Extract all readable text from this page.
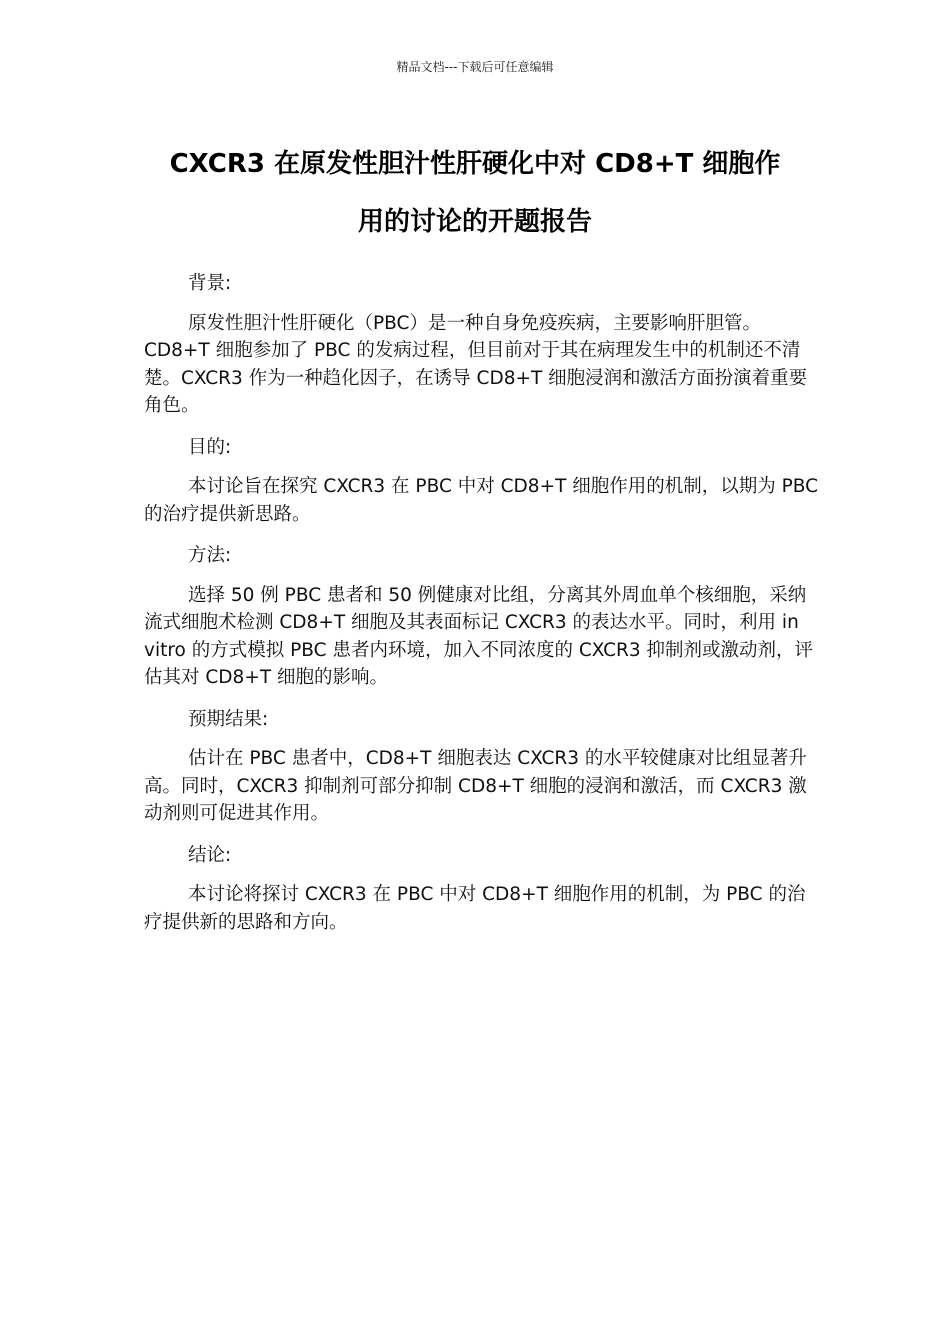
精品文档---下载后可任意编辑
CXCR3 在原发性胆汁性肝硬化中对 CD8+T 细胞作
用的讨论的开题报告

背景:

原发性胆汁性肝硬化（PBC）是一种自身免疫疾病，主要影响肝胆管。CD8+T 细胞参加了 PBC 的发病过程，但目前对于其在病理发生中的机制还不清楚。CXCR3 作为一种趋化因子，在诱导 CD8+T 细胞浸润和激活方面扮演着重要角色。

目的:

本讨论旨在探究 CXCR3 在 PBC 中对 CD8+T 细胞作用的机制，以期为 PBC 的治疗提供新思路。

方法:

选择 50 例 PBC 患者和 50 例健康对比组，分离其外周血单个核细胞，采纳流式细胞术检测 CD8+T 细胞及其表面标记 CXCR3 的表达水平。同时，利用 in vitro 的方式模拟 PBC 患者内环境，加入不同浓度的 CXCR3 抑制剂或激动剂，评估其对 CD8+T 细胞的影响。

预期结果:

估计在 PBC 患者中，CD8+T 细胞表达 CXCR3 的水平较健康对比组显著升高。同时，CXCR3 抑制剂可部分抑制 CD8+T 细胞的浸润和激活，而 CXCR3 激动剂则可促进其作用。

结论:

本讨论将探讨 CXCR3 在 PBC 中对 CD8+T 细胞作用的机制，为 PBC 的治疗提供新的思路和方向。
